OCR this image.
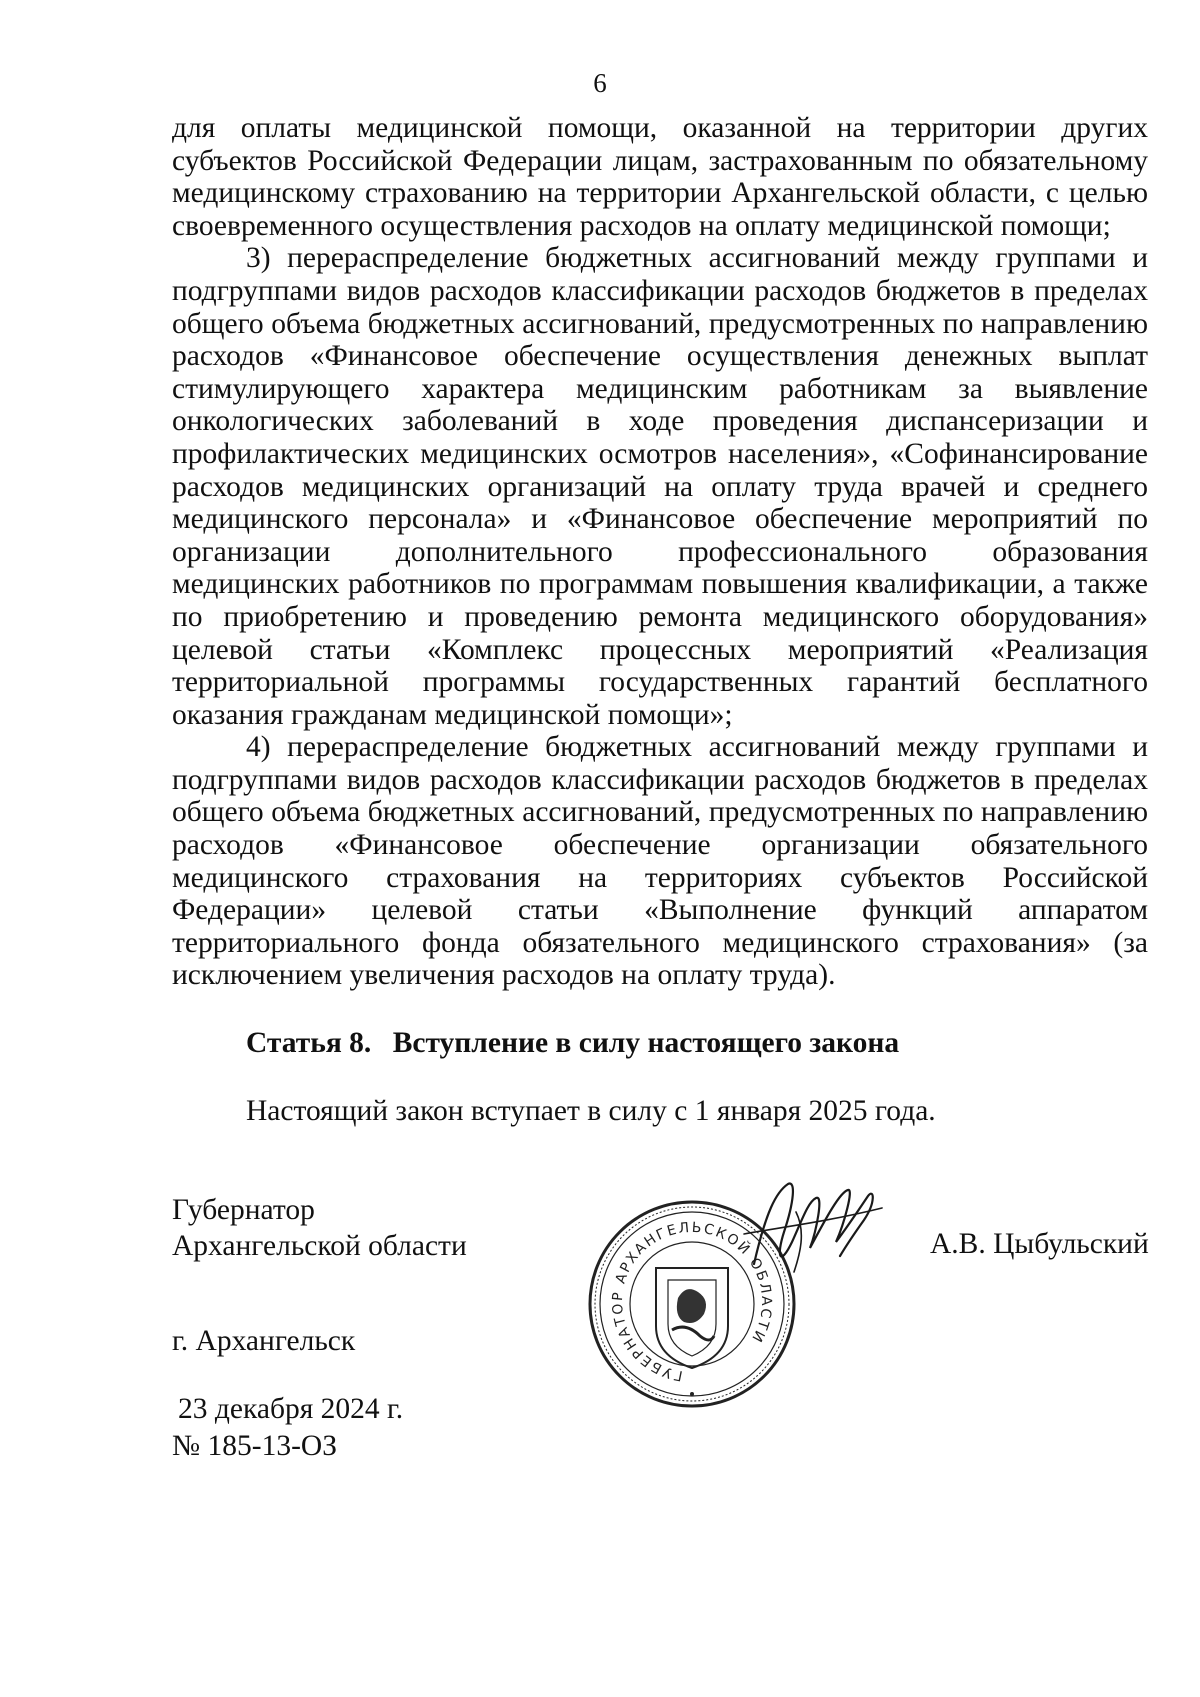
6

для оплаты медицинской помощи, оказанной на территории других субъектов Российской Федерации лицам, застрахованным по обязательному медицинскому страхованию на территории Архангельской области, с целью своевременного осуществления расходов на оплату медицинской помощи;

3) перераспределение бюджетных ассигнований между группами и подгруппами видов расходов классификации расходов бюджетов в пределах общего объема бюджетных ассигнований, предусмотренных по направлению расходов «Финансовое обеспечение осуществления денежных выплат стимулирующего характера медицинским работникам за выявление онкологических заболеваний в ходе проведения диспансеризации и профилактических медицинских осмотров населения», «Софинансирование расходов медицинских организаций на оплату труда врачей и среднего медицинского персонала» и «Финансовое обеспечение мероприятий по организации дополнительного профессионального образования медицинских работников по программам повышения квалификации, а также по приобретению и проведению ремонта медицинского оборудования» целевой статьи «Комплекс процессных мероприятий «Реализация территориальной программы государственных гарантий бесплатного оказания гражданам медицинской помощи»;

4) перераспределение бюджетных ассигнований между группами и подгруппами видов расходов классификации расходов бюджетов в пределах общего объема бюджетных ассигнований, предусмотренных по направлению расходов «Финансовое обеспечение организации обязательного медицинского страхования на территориях субъектов Российской Федерации» целевой статьи «Выполнение функций аппаратом территориального фонда обязательного медицинского страхования» (за исключением увеличения расходов на оплату труда).

Статья 8. Вступление в силу настоящего закона
Настоящий закон вступает в силу с 1 января 2025 года.
Губернатор
Архангельской области	А.В. Цыбульский
г. Архангельск
23 декабря 2024 г.
№ 185-13-ОЗ
ГУБЕРНАТОР АРХАНГЕЛЬСКОЙ ОБЛАСТИ
